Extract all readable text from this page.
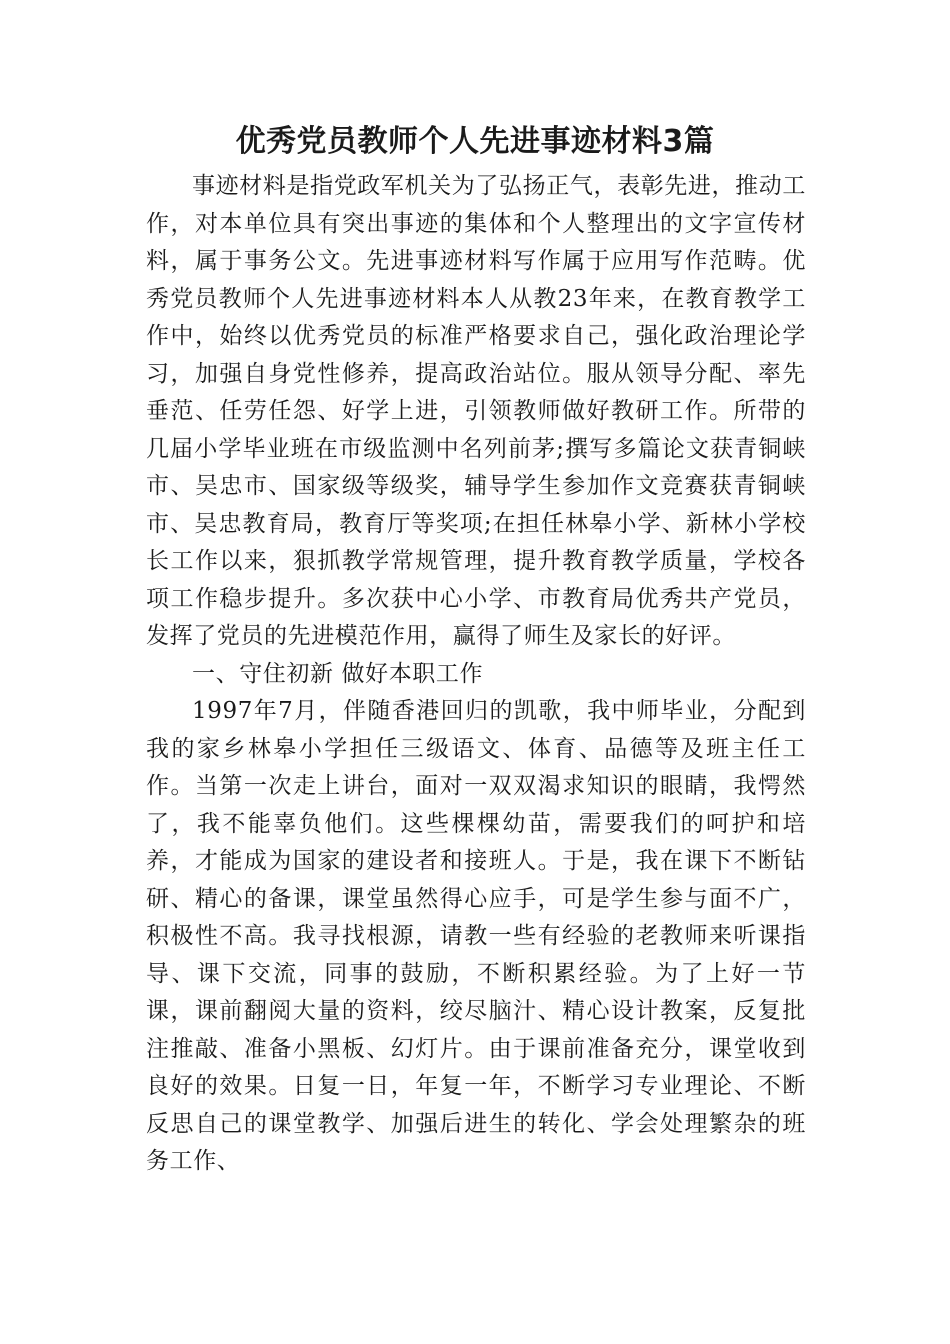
优秀党员教师个人先进事迹材料3篇

事迹材料是指党政军机关为了弘扬正气，表彰先进，推动工作，对本单位具有突出事迹的集体和个人整理出的文字宣传材料，属于事务公文。先进事迹材料写作属于应用写作范畴。优秀党员教师个人先进事迹材料本人从教23年来，在教育教学工作中，始终以优秀党员的标准严格要求自己，强化政治理论学习，加强自身党性修养，提高政治站位。服从领导分配、率先垂范、任劳任怨、好学上进，引领教师做好教研工作。所带的几届小学毕业班在市级监测中名列前茅;撰写多篇论文获青铜峡市、吴忠市、国家级等级奖，辅导学生参加作文竞赛获青铜峡市、吴忠教育局，教育厅等奖项;在担任林皋小学、新林小学校长工作以来，狠抓教学常规管理，提升教育教学质量，学校各项工作稳步提升。多次获中心小学、市教育局优秀共产党员，发挥了党员的先进模范作用，赢得了师生及家长的好评。

一、守住初新 做好本职工作

1997年7月，伴随香港回归的凯歌，我中师毕业，分配到我的家乡林皋小学担任三级语文、体育、品德等及班主任工作。当第一次走上讲台，面对一双双渴求知识的眼睛，我愕然了，我不能辜负他们。这些棵棵幼苗，需要我们的呵护和培养，才能成为国家的建设者和接班人。于是，我在课下不断钻研、精心的备课，课堂虽然得心应手，可是学生参与面不广，积极性不高。我寻找根源，请教一些有经验的老教师来听课指导、课下交流，同事的鼓励，不断积累经验。为了上好一节课，课前翻阅大量的资料，绞尽脑汁、精心设计教案，反复批注推敲、准备小黑板、幻灯片。由于课前准备充分，课堂收到良好的效果。日复一日，年复一年，不断学习专业理论、不断反思自己的课堂教学、加强后进生的转化、学会处理繁杂的班务工作、
